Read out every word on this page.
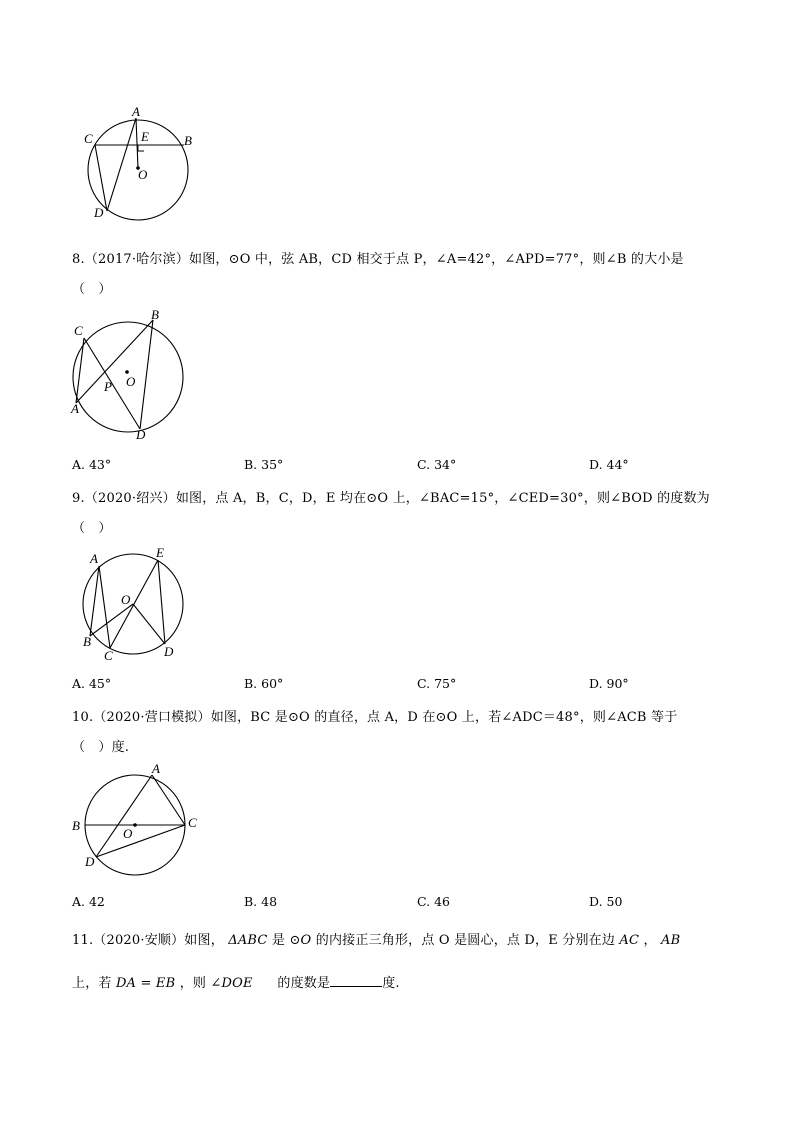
A
B
C	E
O
D
8.（2017·哈尔滨）如图，⊙O 中，弦 AB，CD 相交于点 P，∠A=42°，∠APD=77°，则∠B 的大小是
（　）
C
B
O
P
A
D
A. 43°	B. 35°	C. 34°	D. 44°
9.（2020·绍兴）如图，点 A，B，C，D，E 均在⊙O 上，∠BAC=15°，∠CED=30°，则∠BOD 的度数为
（　）
A	E
O
B
C	D
A. 45°	B. 60°	C. 75°	D. 90°
10.（2020·营口模拟）如图，BC 是⊙O 的直径，点 A，D 在⊙O 上，若∠ADC＝48°，则∠ACB 等于
（　）度.
A
B
O
C
D
A. 42	B. 48	C. 46	D. 50
11.（2020·安顺）如图， ΔABC 是 ⊙O 的内接正三角形，点 O 是圆心，点 D，E 分别在边 AC ， AB
上，若 DA = EB ，则 ∠DOE  的度数是	度.
